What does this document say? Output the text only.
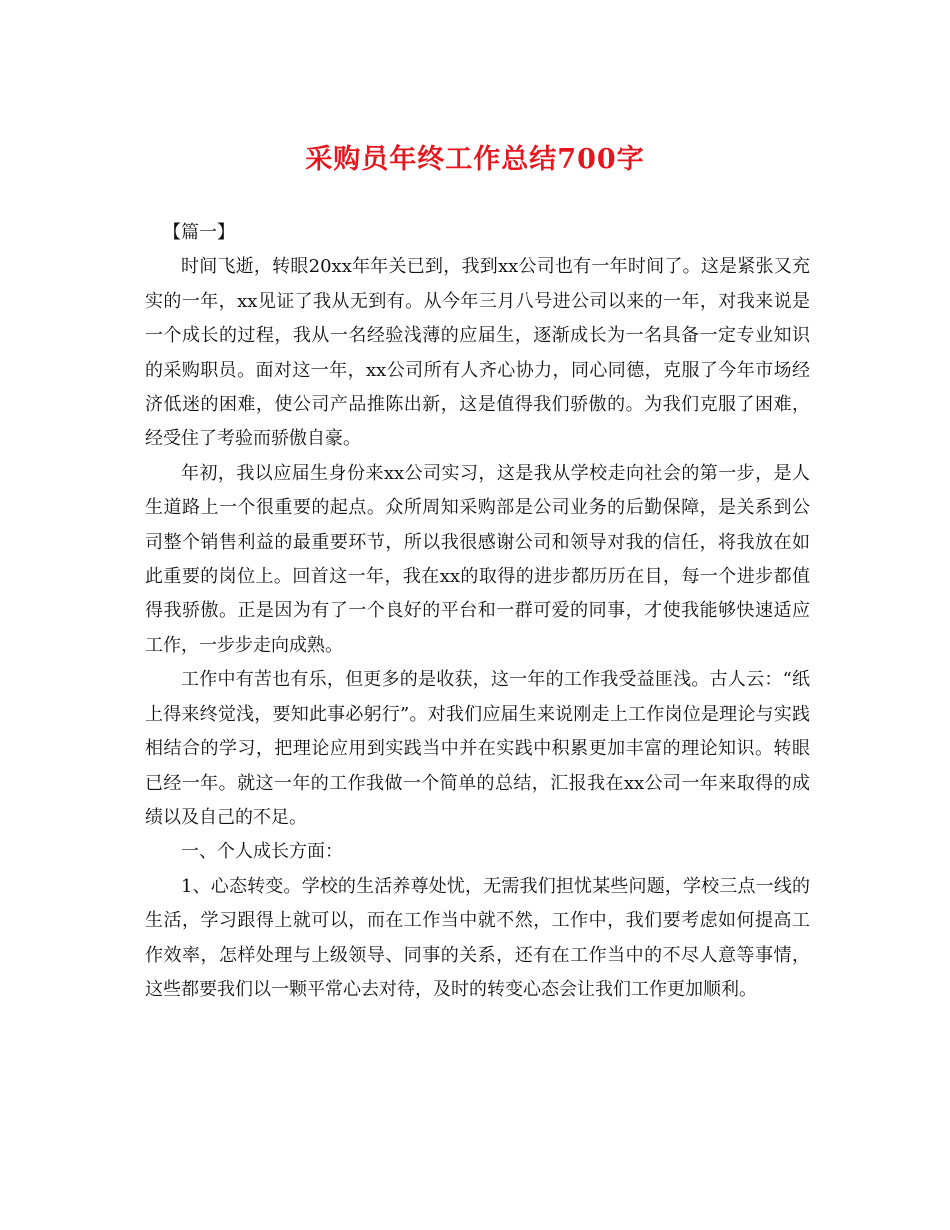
采购员年终工作总结700字

【篇一】

时间飞逝，转眼20xx年年关已到，我到xx公司也有一年时间了。这是紧张又充实的一年，xx见证了我从无到有。从今年三月八号进公司以来的一年，对我来说是一个成长的过程，我从一名经验浅薄的应届生，逐渐成长为一名具备一定专业知识的采购职员。面对这一年，xx公司所有人齐心协力，同心同德，克服了今年市场经济低迷的困难，使公司产品推陈出新，这是值得我们骄傲的。为我们克服了困难，经受住了考验而骄傲自豪。

年初，我以应届生身份来xx公司实习，这是我从学校走向社会的第一步，是人生道路上一个很重要的起点。众所周知采购部是公司业务的后勤保障，是关系到公司整个销售利益的最重要环节，所以我很感谢公司和领导对我的信任，将我放在如此重要的岗位上。回首这一年，我在xx的取得的进步都历历在目，每一个进步都值得我骄傲。正是因为有了一个良好的平台和一群可爱的同事，才使我能够快速适应工作，一步步走向成熟。

工作中有苦也有乐，但更多的是收获，这一年的工作我受益匪浅。古人云：“纸上得来终觉浅，要知此事必躬行”。对我们应届生来说刚走上工作岗位是理论与实践相结合的学习，把理论应用到实践当中并在实践中积累更加丰富的理论知识。转眼已经一年。就这一年的工作我做一个简单的总结，汇报我在xx公司一年来取得的成绩以及自己的不足。

一、个人成长方面：

1、心态转变。学校的生活养尊处忧，无需我们担忧某些问题，学校三点一线的生活，学习跟得上就可以，而在工作当中就不然，工作中，我们要考虑如何提高工作效率，怎样处理与上级领导、同事的关系，还有在工作当中的不尽人意等事情，这些都要我们以一颗平常心去对待，及时的转变心态会让我们工作更加顺利。
